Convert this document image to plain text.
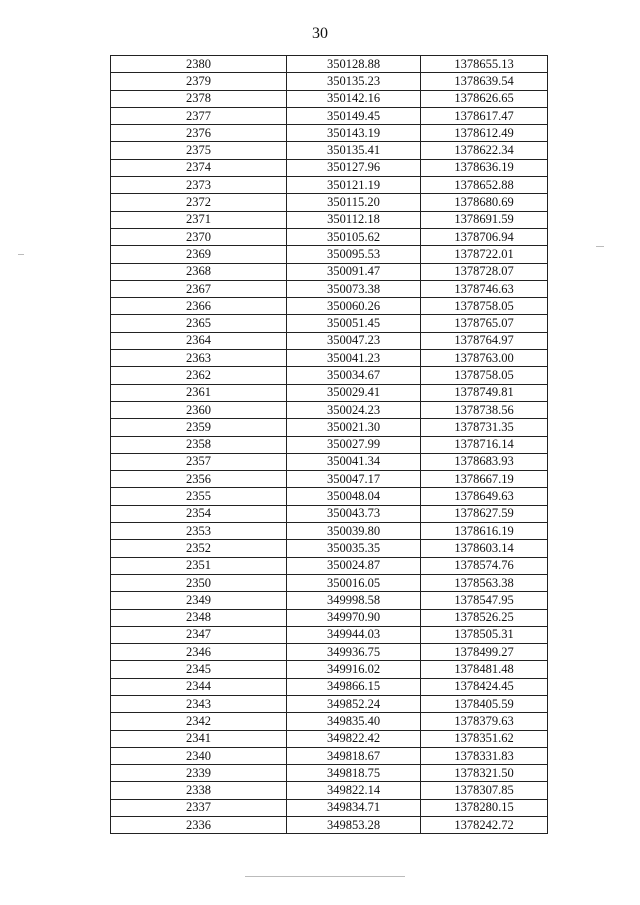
30
2380	350128.88	1378655.13
2379	350135.23	1378639.54
2378	350142.16	1378626.65
2377	350149.45	1378617.47
2376	350143.19	1378612.49
2375	350135.41	1378622.34
2374	350127.96	1378636.19
2373	350121.19	1378652.88
2372	350115.20	1378680.69
2371	350112.18	1378691.59
2370	350105.62	1378706.94
2369	350095.53	1378722.01
2368	350091.47	1378728.07
2367	350073.38	1378746.63
2366	350060.26	1378758.05
2365	350051.45	1378765.07
2364	350047.23	1378764.97
2363	350041.23	1378763.00
2362	350034.67	1378758.05
2361	350029.41	1378749.81
2360	350024.23	1378738.56
2359	350021.30	1378731.35
2358	350027.99	1378716.14
2357	350041.34	1378683.93
2356	350047.17	1378667.19
2355	350048.04	1378649.63
2354	350043.73	1378627.59
2353	350039.80	1378616.19
2352	350035.35	1378603.14
2351	350024.87	1378574.76
2350	350016.05	1378563.38
2349	349998.58	1378547.95
2348	349970.90	1378526.25
2347	349944.03	1378505.31
2346	349936.75	1378499.27
2345	349916.02	1378481.48
2344	349866.15	1378424.45
2343	349852.24	1378405.59
2342	349835.40	1378379.63
2341	349822.42	1378351.62
2340	349818.67	1378331.83
2339	349818.75	1378321.50
2338	349822.14	1378307.85
2337	349834.71	1378280.15
2336	349853.28	1378242.72
